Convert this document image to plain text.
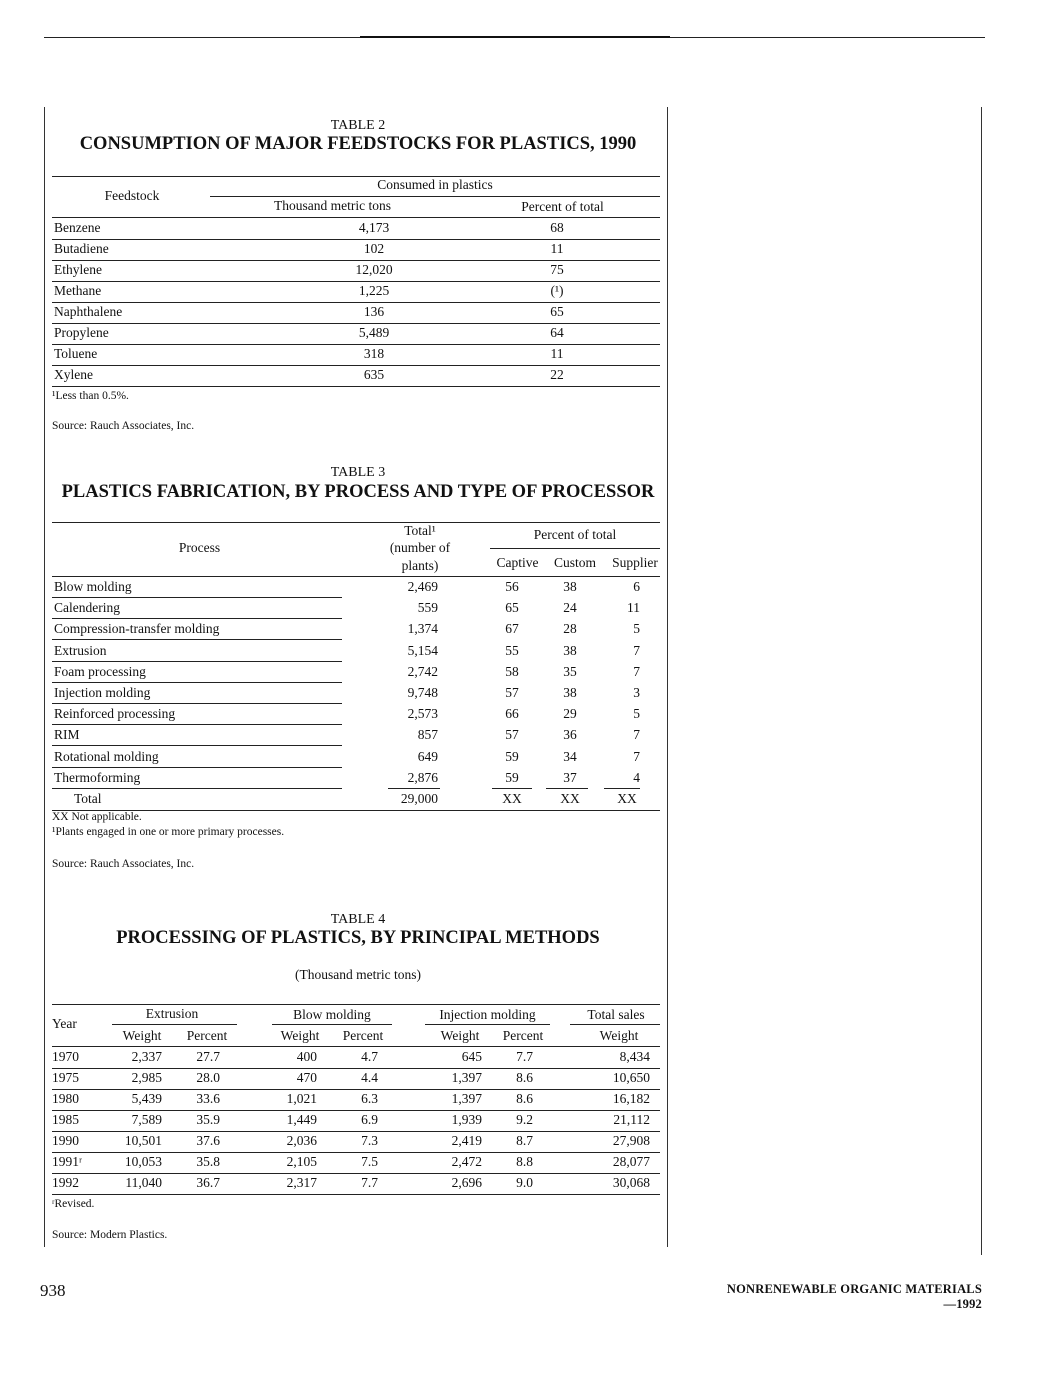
TABLE 2
CONSUMPTION OF MAJOR FEEDSTOCKS FOR PLASTICS, 1990
Feedstock
Consumed in plastics
Thousand metric tons	Percent of total
Benzene	4,173	68
Butadiene	102	11
Ethylene	12,020	75
Methane	1,225	(¹)
Naphthalene	136	65
Propylene	5,489	64
Toluene	318	11
Xylene	635	22
¹Less than 0.5%.
Source: Rauch Associates, Inc.
TABLE 3
PLASTICS FABRICATION, BY PROCESS AND TYPE OF PROCESSOR
Process
Total¹
(number of
plants)
Percent of total
Captive	Custom	Supplier
Blow molding	2,469	56	38	6
Calendering	559	65	24	11
Compression-transfer molding	1,374	67	28	5
Extrusion	5,154	55	38	7
Foam processing	2,742	58	35	7
Injection molding	9,748	57	38	3
Reinforced processing	2,573	66	29	5
RIM	857	57	36	7
Rotational molding	649	59	34	7
Thermoforming	2,876	59	37	4
Total	29,000	XX	XX	XX
XX Not applicable.
¹Plants engaged in one or more primary processes.
Source: Rauch Associates, Inc.
TABLE 4
PROCESSING OF PLASTICS, BY PRINCIPAL METHODS
(Thousand metric tons)
Year
Extrusion	Blow molding	Injection molding	Total sales
Weight	Percent	Weight	Percent	Weight	Percent	Weight
1970	2,337	27.7	400	4.7	645	7.7	8,434
1975	2,985	28.0	470	4.4	1,397	8.6	10,650
1980	5,439	33.6	1,021	6.3	1,397	8.6	16,182
1985	7,589	35.9	1,449	6.9	1,939	9.2	21,112
1990	10,501	37.6	2,036	7.3	2,419	8.7	27,908
1991ʳ	10,053	35.8	2,105	7.5	2,472	8.8	28,077
1992	11,040	36.7	2,317	7.7	2,696	9.0	30,068
ʳRevised.
Source: Modern Plastics.
938	NONRENEWABLE ORGANIC MATERIALS—1992
